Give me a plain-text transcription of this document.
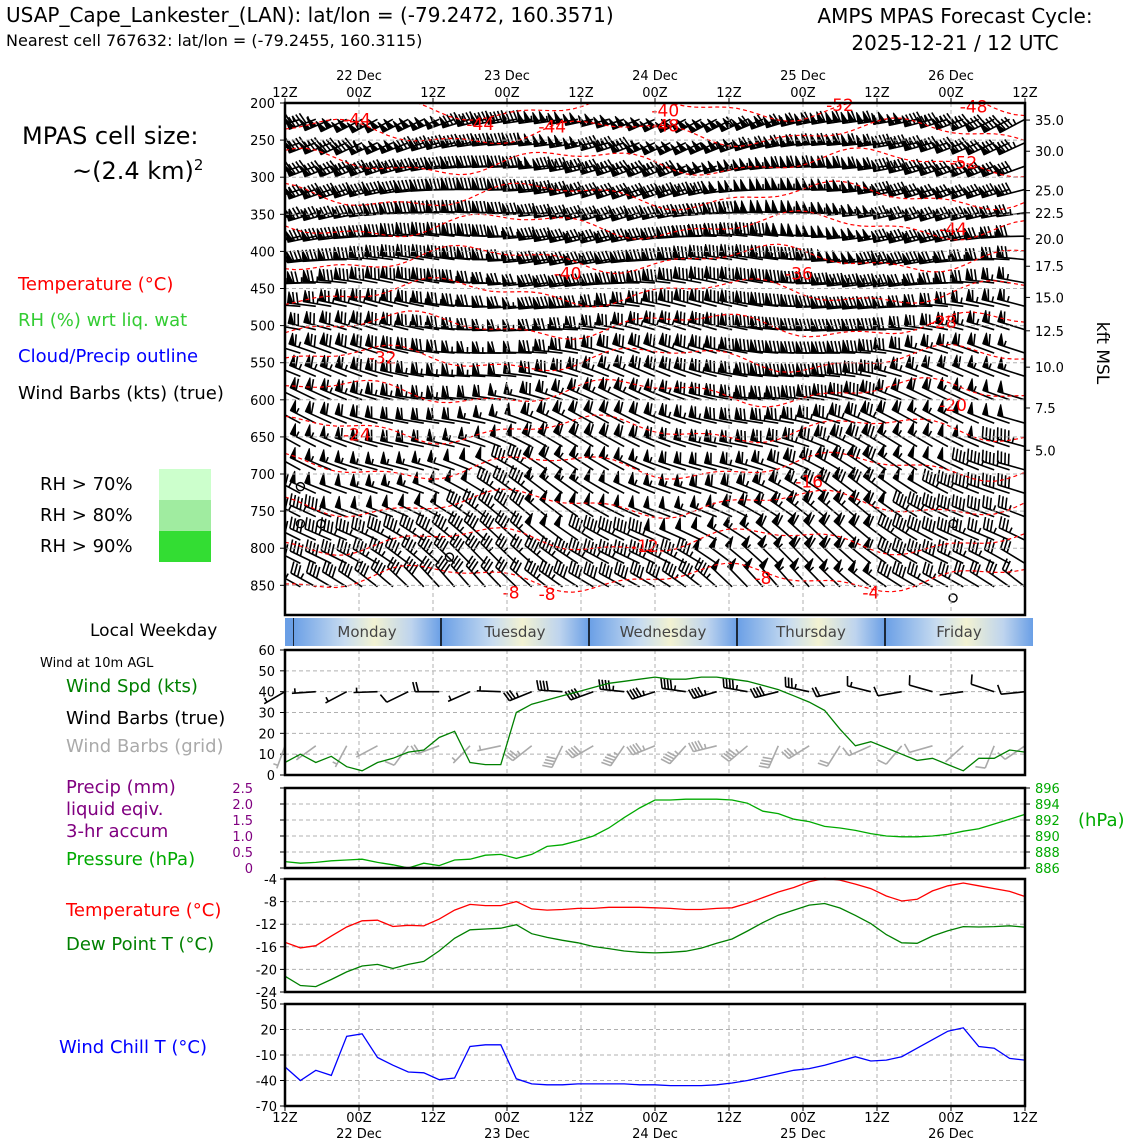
USAP_Cape_Lankester_(LAN): lat/lon = (-79.2472, 160.3571)
Nearest cell 767632: lat/lon = (-79.2455, 160.3115)
AMPS MPAS Forecast Cycle:
2025-12-21 / 12 UTC
MPAS cell size:
~(2.4 km)$^2$
Temperature (°C)
RH (%) wrt liq. wat
Cloud/Precip outline
Wind Barbs (kts) (true)
RH > 70%
RH > 80%
RH > 90%
Local Weekday
Wind at 10m AGL
Wind Spd (kts)
Wind Barbs (true)
Wind Barbs (grid)
Precip (mm)
liquid eqiv.
3-hr accum
Pressure (hPa)
Temperature (°C)
Dew Point T (°C)
Wind Chill T (°C)
-44	-44	-44
-40
-48
-52	-48
-52
-44
-40	-36
-28
-32
-20
-24
-16
-12
-8 -8
-8
-4
200
250
300
350
400
450
500
550
600
650
700
750
800
850
35.0
30.0
25.0
22.5
20.0
17.5
15.0
12.5
10.0
7.5
5.0
kft MSL
12Z	00Z	12Z	00Z	12Z	00Z	12Z	00Z	12Z	00Z	12Z
22 Dec	23 Dec	24 Dec	25 Dec	26 Dec
Monday	Tuesday	Wednesday	Thursday	Friday
0
10
20
30
40
50
60
2.5
2.0
1.5
1.0
0.5
0
896
894
892
890
888
886
(hPa)
-4
-8
-12
-16
-20
-24
50
20
-10
-40
-70
12Z	00Z	12Z	00Z	12Z	00Z	12Z	00Z	12Z	00Z	12Z
22 Dec	23 Dec	24 Dec	25 Dec	26 Dec
